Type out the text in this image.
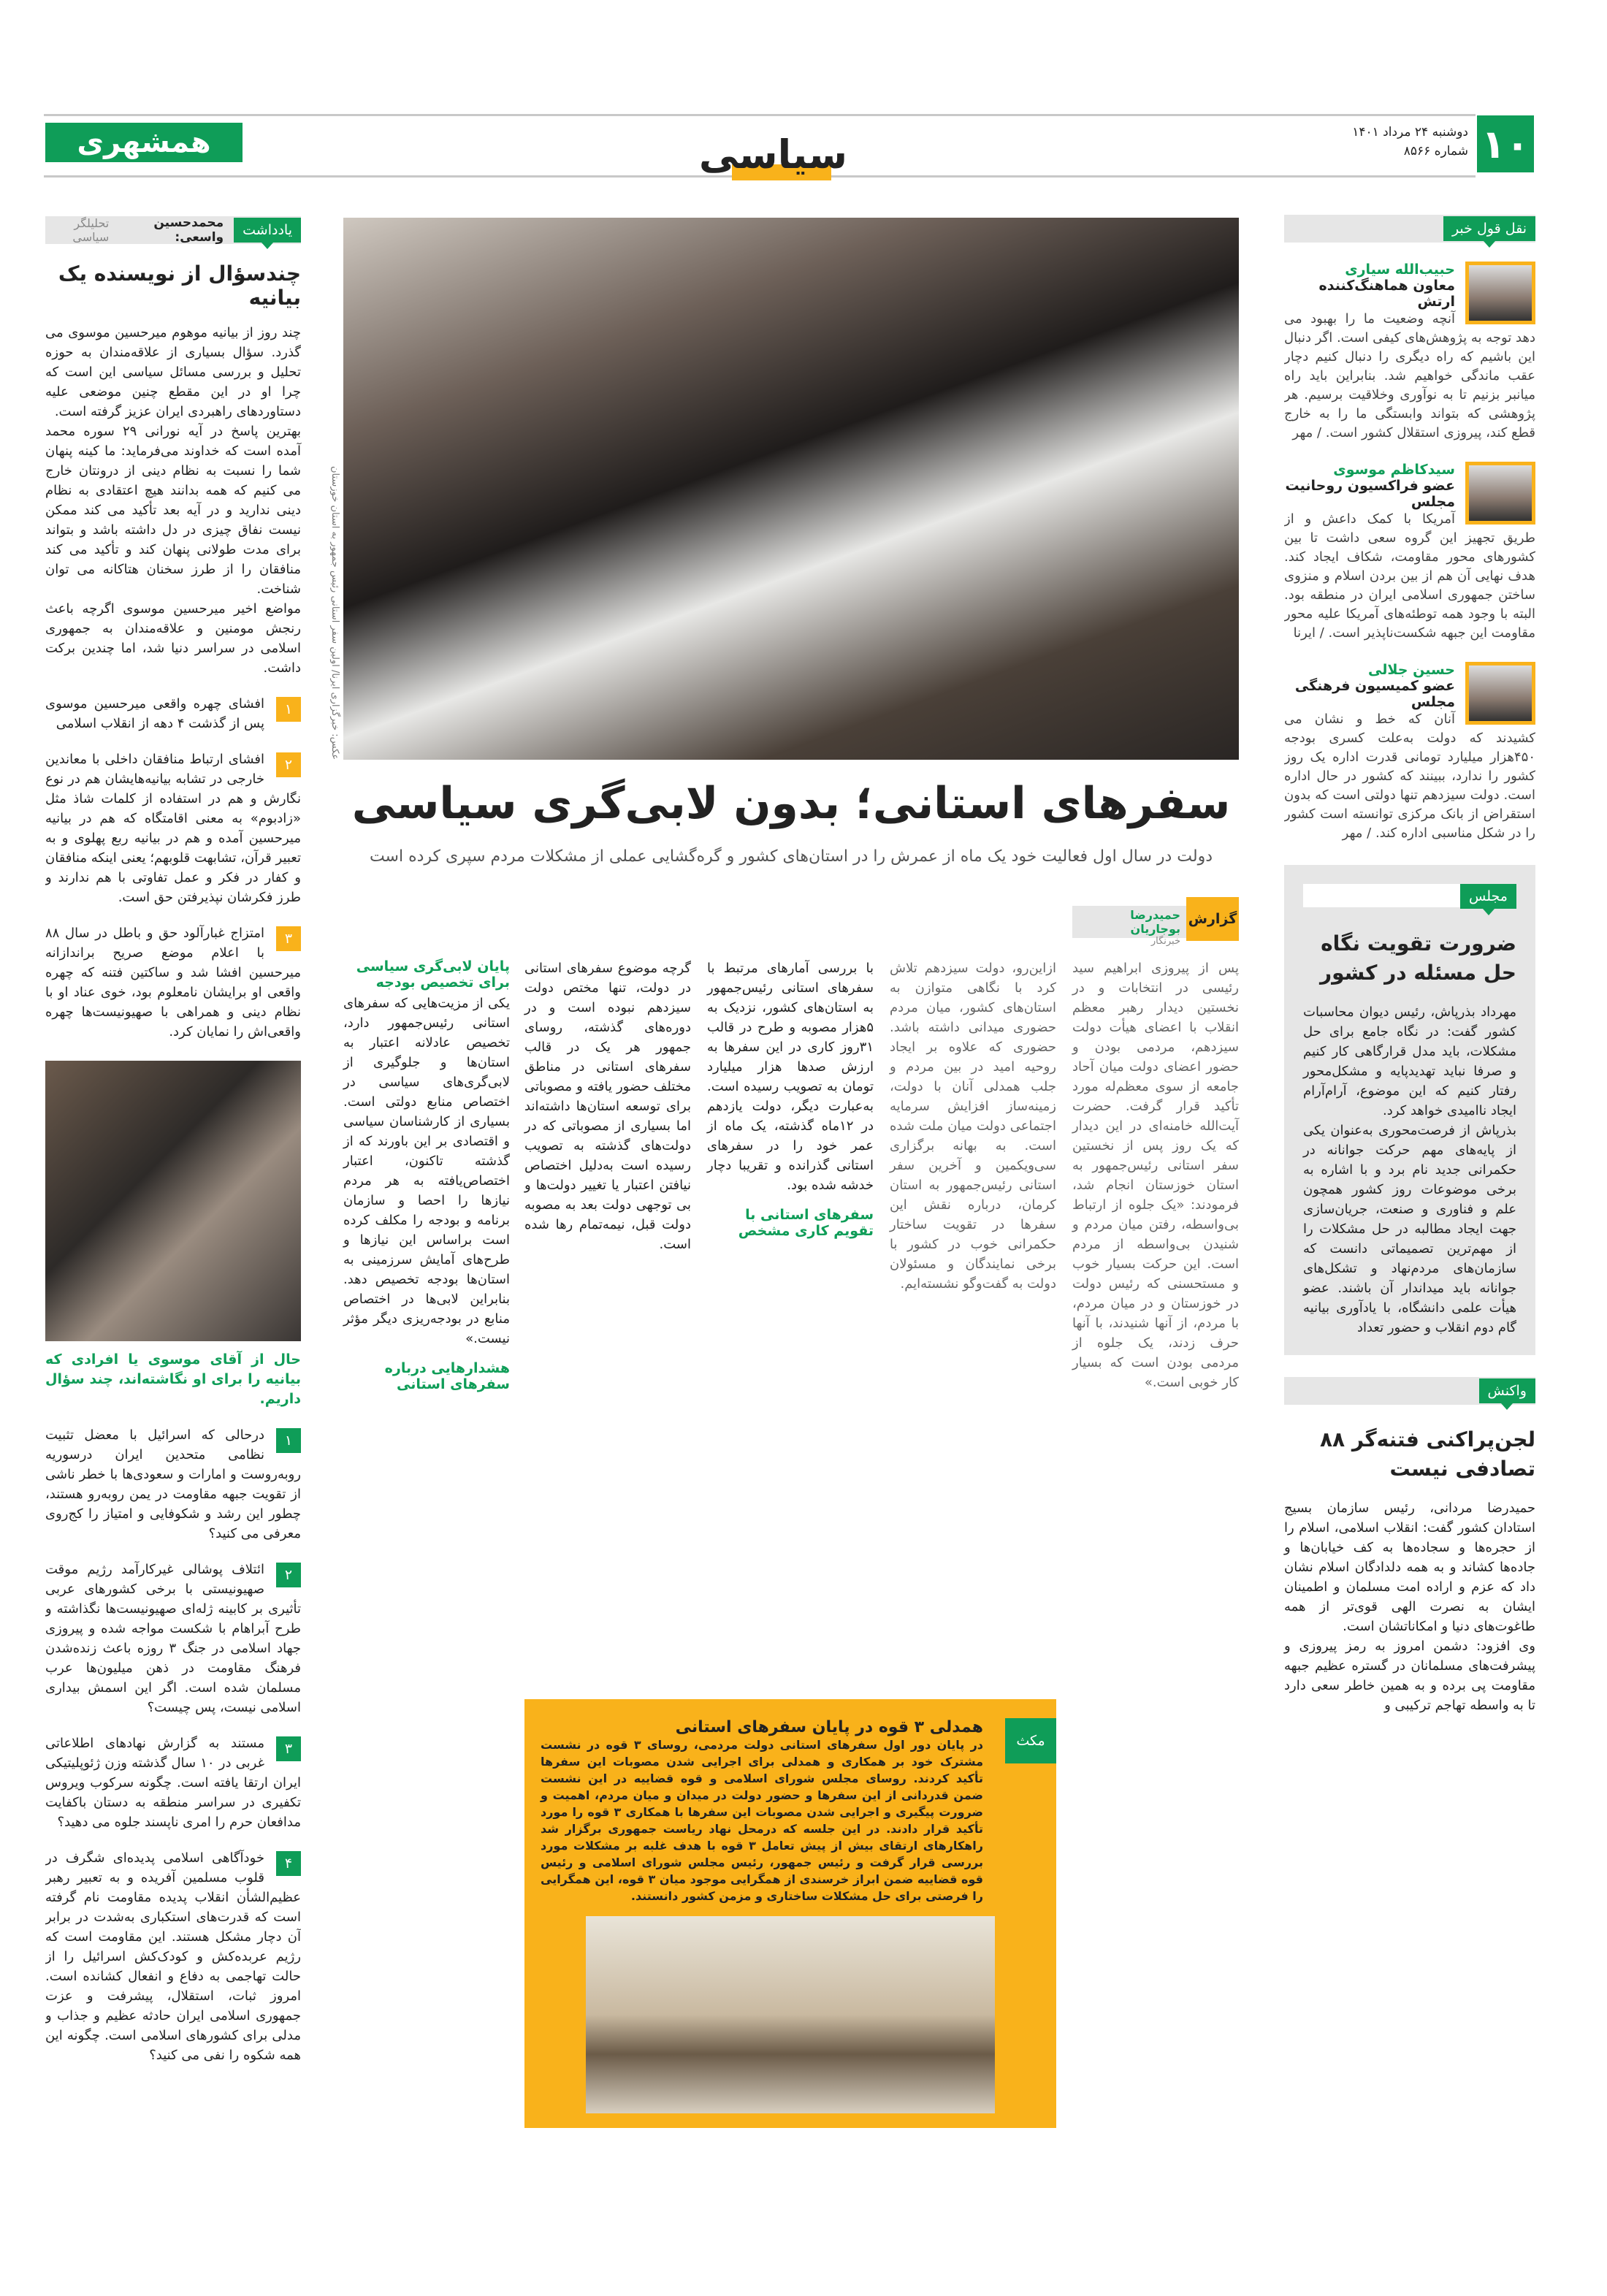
۱۰
دوشنبه ۲۴ مرداد ۱۴۰۱
شماره ۸۵۶۶
همشهری	سیاسی
یادداشت
محمدحسین واسعی:
تحلیلگر سیاسی
چندسؤال از نویسنده یک بیانیه

چند روز از بیانیه موهوم میرحسین موسوی می گذرد. سؤال بسیاری از علاقه‌مندان به حوزه تحلیل و بررسی مسائل سیاسی این است که چرا او در این مقطع چنین موضعی علیه دستاوردهای راهبردی ایران عزیز گرفته است.

بهترین پاسخ در آیه نورانی ۲۹ سوره محمد آمده است که خداوند می‌فرماید: ما کینه پنهان شما را نسبت به نظام دینی از درونتان خارج می کنیم که همه بدانند هیچ اعتقادی به نظام دینی ندارید و در آیه بعد تأکید می کند ممکن نیست نفاق چیزی در دل داشته باشد و بتواند برای مدت طولانی پنهان کند و تأکید می کند منافقان را از طرز سخنان هتاکانه می توان شناخت.

مواضع اخیر میرحسین موسوی اگرچه باعث رنجش مومنین و علاقه‌مندان به جمهوری اسلامی در سراسر دنیا شد، اما چندین برکت داشت.

۱

افشای چهره واقعی میرحسین موسوی پس از گذشت ۴ دهه از انقلاب اسلامی

۲

افشای ارتباط منافقان داخلی با معاندین خارجی در تشابه بیانیه‌هایشان هم در نوع نگارش و هم در استفاده از کلمات شاذ مثل «زادبوم» به معنی اقامتگاه که هم در بیانیه میرحسین آمده و هم در بیانیه ربع پهلوی و به تعبیر قرآن، تشابهت قلوبهم؛ یعنی اینکه منافقان و کفار در فکر و عمل تفاوتی با هم ندارند و طرز فکرشان نپذیرفتن حق است.

۳

امتزاج غبارآلود حق و باطل در سال ۸۸ با اعلام موضع صریح براندازانه میرحسین افشا شد و ساکتین فتنه که چهره واقعی او برایشان نامعلوم بود، خوی عناد او با نظام دینی و همراهی با صهیونیست‌ها چهره واقعی‌اش را نمایان کرد.

حال از آقای موسوی یا افرادی که بیانیه را برای او نگاشته‌اند، چند سؤال داریم.

۱

درحالی که اسرائیل با معضل تثبیت نظامی متحدین ایران درسوریه روبه‌روست و امارات و سعودی‌ها با خطر ناشی از تقویت جبهه مقاومت در یمن روبه‌رو هستند، چطور این رشد و شکوفایی و امتیاز را کج‌روی معرفی می کنید؟

۲

ائتلاف پوشالی غیرکارآمد رژیم موقت صهیونیستی با برخی کشورهای عربی تأثیری بر کابینه ژله‌ای صهیونیست‌ها نگذاشته و طرح آبراهام با شکست مواجه شده و پیروزی جهاد اسلامی در جنگ ۳ روزه باعث زنده‌شدن فرهنگ مقاومت در ذهن میلیون‌ها عرب مسلمان شده است. اگر این اسمش بیداری اسلامی نیست، پس چیست؟

۳

مستند به گزارش نهادهای اطلاعاتی غربی در ۱۰ سال گذشته وزن ژئوپلیتیکی ایران ارتقا یافته است. چگونه سرکوب ویروس تکفیری در سراسر منطقه به دستان باکفایت مدافعان حرم را امری ناپسند جلوه می دهید؟

۴

خودآگاهی اسلامی پدیده‌ای شگرف در قلوب مسلمین آفریده و به تعبیر رهبر عظیم‌الشأن انقلاب پدیده مقاومت نام گرفته است که قدرت‌های استکباری به‌شدت در برابر آن دچار مشکل هستند. این مقاومت است که رژیم عربده‌کش و کودک‌کش اسرائیل را از حالت تهاجمی به دفاع و انفعال کشانده است. امروز ثبات، استقلال، پیشرفت و عزت جمهوری اسلامی ایران حادثه عظیم و جذاب و مدلی برای کشورهای اسلامی است. چگونه این همه شکوه را نفی می کنید؟

عکس: خبرگزاری ایرنا/ اولین سفر استانی رئیس جمهور به استان خوزستان
سفرهای استانی؛ بدون لابی‌گری سیاسی
دولت در سال اول فعالیت خود یک ماه از عمرش را در استان‌های کشور و گره‌گشایی عملی از مشکلات مردم سپری کرده است
گزارش
حمیدرضا بوجاریان
خبرنگار

پس از پیروزی ابراهیم سید رئیسی در انتخابات و در نخستین دیدار رهبر معظم انقلاب با اعضای هیأت دولت سیزدهم، مردمی بودن و حضور اعضای دولت میان آحاد جامعه از سوی معظم‌له مورد تأکید قرار گرفت. حضرت آیت‌الله خامنه‌ای در این دیدار که یک روز پس از نخستین سفر استانی رئیس‌جمهور به استان خوزستان انجام شد، فرمودند: «یک جلوه از ارتباط بی‌واسطه، رفتن میان مردم و شنیدن بی‌واسطه از مردم است. این حرکت بسیار خوب و مستحسنی که رئیس دولت در خوزستان و در میان مردم، با مردم، از آنها شنیدند، با آنها حرف زدند، یک جلوه از مردمی بودن است که بسیار کار خوبی است.»

ازاین‌رو، دولت سیزدهم تلاش کرد با نگاهی متوازن به استان‌های کشور، میان مردم حضوری میدانی داشته باشد. حضوری که علاوه بر ایجاد روحیه امید در بین مردم و جلب همدلی آنان با دولت، زمینه‌ساز افزایش سرمایه اجتماعی دولت میان ملت شده است. به بهانه برگزاری سی‌ویکمین و آخرین سفر استانی رئیس‌جمهور به استان کرمان، درباره نقش این سفرها در تقویت ساختار حکمرانی خوب در کشور با برخی نمایندگان و مسئولان دولت به گفت‌وگو نشسته‌ایم.

با بررسی آمارهای مرتبط با سفرهای استانی رئیس‌جمهور به استان‌های کشور، نزدیک به ۵هزار مصوبه و طرح در قالب ۳۱روز کاری در این سفرها به ارزش صدها هزار میلیارد تومان به تصویب رسیده است. به‌عبارت دیگر، دولت یازدهم در ۱۲ماه گذشته، یک ماه از عمر خود را در سفرهای استانی گذرانده و تقریبا دچار خدشه شده بود.

سفرهای استانی با تقویم کاری مشخص

گرچه موضوع سفرهای استانی در دولت، تنها مختص دولت سیزدهم نبوده است و در دوره‌های گذشته، روسای جمهور هر یک در قالب سفرهای استانی در مناطق مختلف حضور یافته و مصوباتی برای توسعه استان‌ها داشته‌اند اما بسیاری از مصوباتی که در دولت‌های گذشته به تصویب رسیده است به‌دلیل اختصاص نیافتن اعتبار یا تغییر دولت‌ها و بی توجهی دولت بعد به مصوبه دولت قبل، نیمه‌تمام رها شده است.

پایان لابی‌گری سیاسی برای تخصیص بودجه

یکی از مزیت‌هایی که سفرهای استانی رئیس‌جمهور دارد، تخصیص عادلانه اعتبار به استان‌ها و جلوگیری از لابی‌گری‌های سیاسی در اختصاص منابع دولتی است. بسیاری از کارشناسان سیاسی و اقتصادی بر این باورند که از گذشته تاکنون، اعتبار اختصاص‌یافته به هر مردم نیازها را احصا و سازمان برنامه و بودجه را مکلف کرده است براساس این نیازها و طرح‌های آمایش سرزمینی به استان‌ها بودجه تخصیص دهد. بنابراین لابی‌ها در اختصاص منابع در بودجه‌ریزی دیگر مؤثر نیست.»

هشدارهایی درباره سفرهای استانی
مکث
همدلی ۳ قوه در پایان سفرهای استانی

در پایان دور اول سفرهای استانی دولت مردمی، روسای ۳ قوه در نشست مشترک خود بر همکاری و همدلی برای اجرایی شدن مصوبات این سفرها تأکید کردند. روسای مجلس شورای اسلامی و قوه قضاییه در این نشست ضمن قدردانی از این سفرها و حضور دولت در میدان و میان مردم، اهمیت و ضرورت پیگیری و اجرایی شدن مصوبات این سفرها با همکاری ۳ قوه را مورد تأکید قرار دادند. در این جلسه که درمحل نهاد ریاست جمهوری برگزار شد راهکارهای ارتقای بیش از پیش تعامل ۳ قوه با هدف غلبه بر مشکلات مورد بررسی قرار گرفت و رئیس جمهور، رئیس مجلس شورای اسلامی و رئیس قوه قضاییه ضمن ابراز خرسندی از همگرایی موجود میان ۳ قوه، این همگرایی را فرصتی برای حل مشکلات ساختاری و مزمن کشور دانستند.

نقل قول خبر
حبیب‌الله سیاری
معاون هماهنگ‌کننده ارتش
آنچه وضعیت ما را بهبود می دهد توجه به پژوهش‌های کیفی است. اگر دنبال این باشیم که راه دیگری را دنبال کنیم دچار عقب ماندگی خواهیم شد. بنابراین باید راه میانبر بزنیم تا به نوآوری وخلاقیت برسیم. هر پژوهشی که بتواند وابستگی ما را به خارج قطع کند، پیروزی استقلال کشور است. / مهر
سیدکاظم موسوی
عضو فراکسیون روحانیت مجلس
آمریکا با کمک داعش و از طریق تجهیز این گروه سعی داشت تا بین کشورهای محور مقاومت، شکاف ایجاد کند. هدف نهایی آن هم از بین بردن اسلام و منزوی ساختن جمهوری اسلامی ایران در منطقه بود. البته با وجود همه توطئه‌های آمریکا علیه محور مقاومت این جبهه شکست‌ناپذیر است. / ایرنا
حسین جلالی
عضو کمیسیون فرهنگی مجلس
آنان که خط و نشان می کشیدند که دولت به‌علت کسری بودجه ۴۵۰هزار میلیارد تومانی قدرت اداره یک روز کشور را ندارد، ببینند که کشور در حال اداره است. دولت سیزدهم تنها دولتی است که بدون استقراض از بانک مرکزی توانسته است کشور را در شکل مناسبی اداره کند. / مهر
مجلس
ضرورت تقویت نگاه حل مسئله در کشور

مهرداد بذرپاش، رئیس دیوان محاسبات کشور گفت: در نگاه جامع برای حل مشکلات، باید مدل قرارگاهی کار کنیم و صرفا نباید تهدیدپایه و مشکل‌محور رفتار کنیم که این موضوع، آرام‌آرام ایجاد ناامیدی خواهد کرد.

بذرپاش از فرصت‌محوری به‌عنوان یکی از پایه‌های مهم حرکت جوانانه در حکمرانی جدید نام برد و با اشاره به برخی موضوعات روز کشور همچون علم و فناوری و صنعت، جریان‌سازی جهت ایجاد مطالبه در حل مشکلات را از مهم‌ترین تصمیماتی دانست که سازمان‌های مردم‌نهاد و تشکل‌های جوانانه باید میداندار آن باشند. عضو هیأت علمی دانشگاه، با یادآوری بیانیه گام دوم انقلاب و حضور تعداد

واکنش
لجن‌پراکنی فتنه‌گر ۸۸ تصادفی نیست

حمیدرضا مردانی، رئیس سازمان بسیج استادان کشور گفت: انقلاب اسلامی، اسلام را از حجره‌ها و سجاده‌ها به کف خیابان‌ها و جاده‌ها کشاند و به همه دلدادگان اسلام نشان داد که عزم و اراده امت مسلمان و اطمینان ایشان به نصرت الهی قوی‌تر از همه طاغوت‌های دنیا و امکاناتشان است.

وی افزود: دشمن امروز به رمز پیروزی و پیشرفت‌های مسلمانان در گستره عظیم جبهه مقاومت پی برده و به همین خاطر سعی دارد تا به واسطه تهاجم ترکیبی و
